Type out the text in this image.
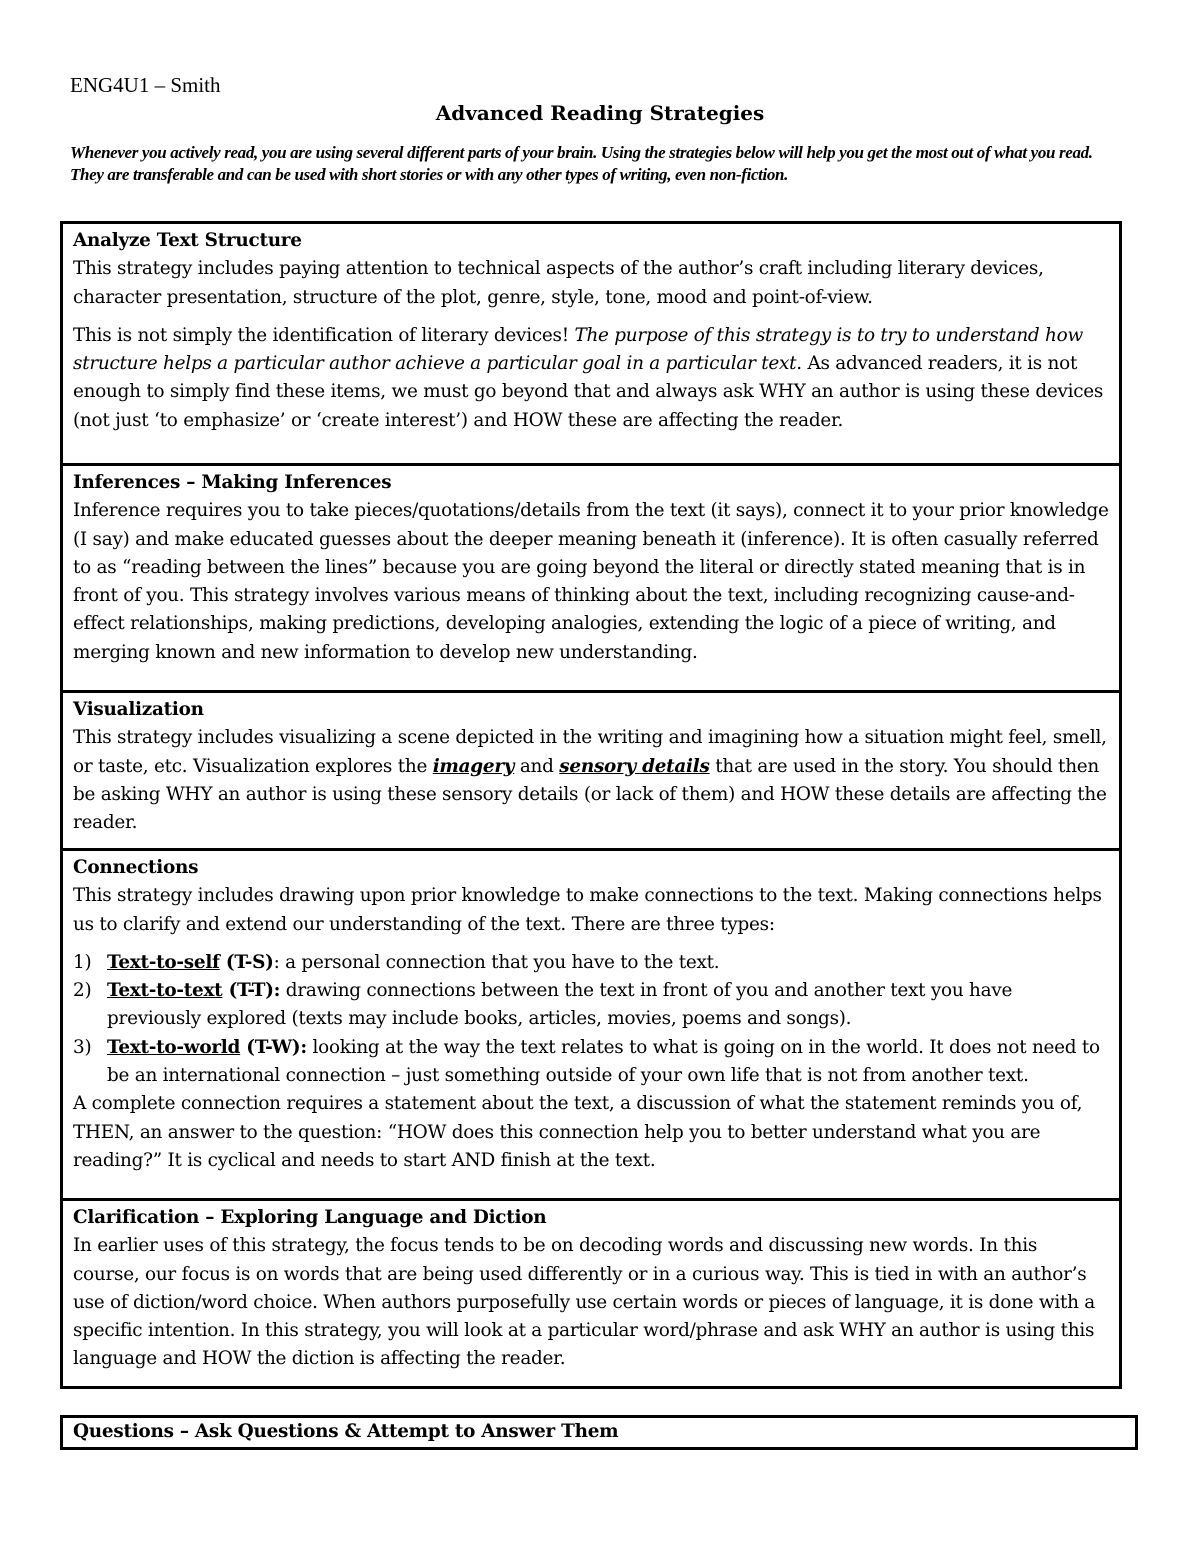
ENG4U1 – Smith
Advanced Reading Strategies
Whenever you actively read, you are using several different parts of your brain. Using the strategies below will help you get the most out of what you read. They are transferable and can be used with short stories or with any other types of writing, even non-fiction.
Analyze Text Structure

This strategy includes paying attention to technical aspects of the author’s craft including literary devices, character presentation, structure of the plot, genre, style, tone, mood and point-of-view.

This is not simply the identification of literary devices! The purpose of this strategy is to try to understand how structure helps a particular author achieve a particular goal in a particular text. As advanced readers, it is not enough to simply find these items, we must go beyond that and always ask WHY an author is using these devices (not just ‘to emphasize’ or ‘create interest’) and HOW these are affecting the reader.

Inferences – Making Inferences

Inference requires you to take pieces/quotations/details from the text (it says), connect it to your prior knowledge (I say) and make educated guesses about the deeper meaning beneath it (inference). It is often casually referred to as “reading between the lines” because you are going beyond the literal or directly stated meaning that is in front of you. This strategy involves various means of thinking about the text, including recognizing cause-and-effect relationships, making predictions, developing analogies, extending the logic of a piece of writing, and merging known and new information to develop new understanding.

Visualization

This strategy includes visualizing a scene depicted in the writing and imagining how a situation might feel, smell, or taste, etc. Visualization explores the imagery and sensory details that are used in the story. You should then be asking WHY an author is using these sensory details (or lack of them) and HOW these details are affecting the reader.

Connections

This strategy includes drawing upon prior knowledge to make connections to the text. Making connections helps us to clarify and extend our understanding of the text. There are three types:

1) Text-to-self (T-S): a personal connection that you have to the text.
2) Text-to-text (T-T): drawing connections between the text in front of you and another text you have previously explored (texts may include books, articles, movies, poems and songs).
3) Text-to-world (T-W): looking at the way the text relates to what is going on in the world. It does not need to be an international connection – just something outside of your own life that is not from another text.

A complete connection requires a statement about the text, a discussion of what the statement reminds you of, THEN, an answer to the question: “HOW does this connection help you to better understand what you are reading?” It is cyclical and needs to start AND finish at the text.

Clarification – Exploring Language and Diction

In earlier uses of this strategy, the focus tends to be on decoding words and discussing new words. In this course, our focus is on words that are being used differently or in a curious way. This is tied in with an author’s use of diction/word choice. When authors purposefully use certain words or pieces of language, it is done with a specific intention. In this strategy, you will look at a particular word/phrase and ask WHY an author is using this language and HOW the diction is affecting the reader.

Questions – Ask Questions & Attempt to Answer Them
